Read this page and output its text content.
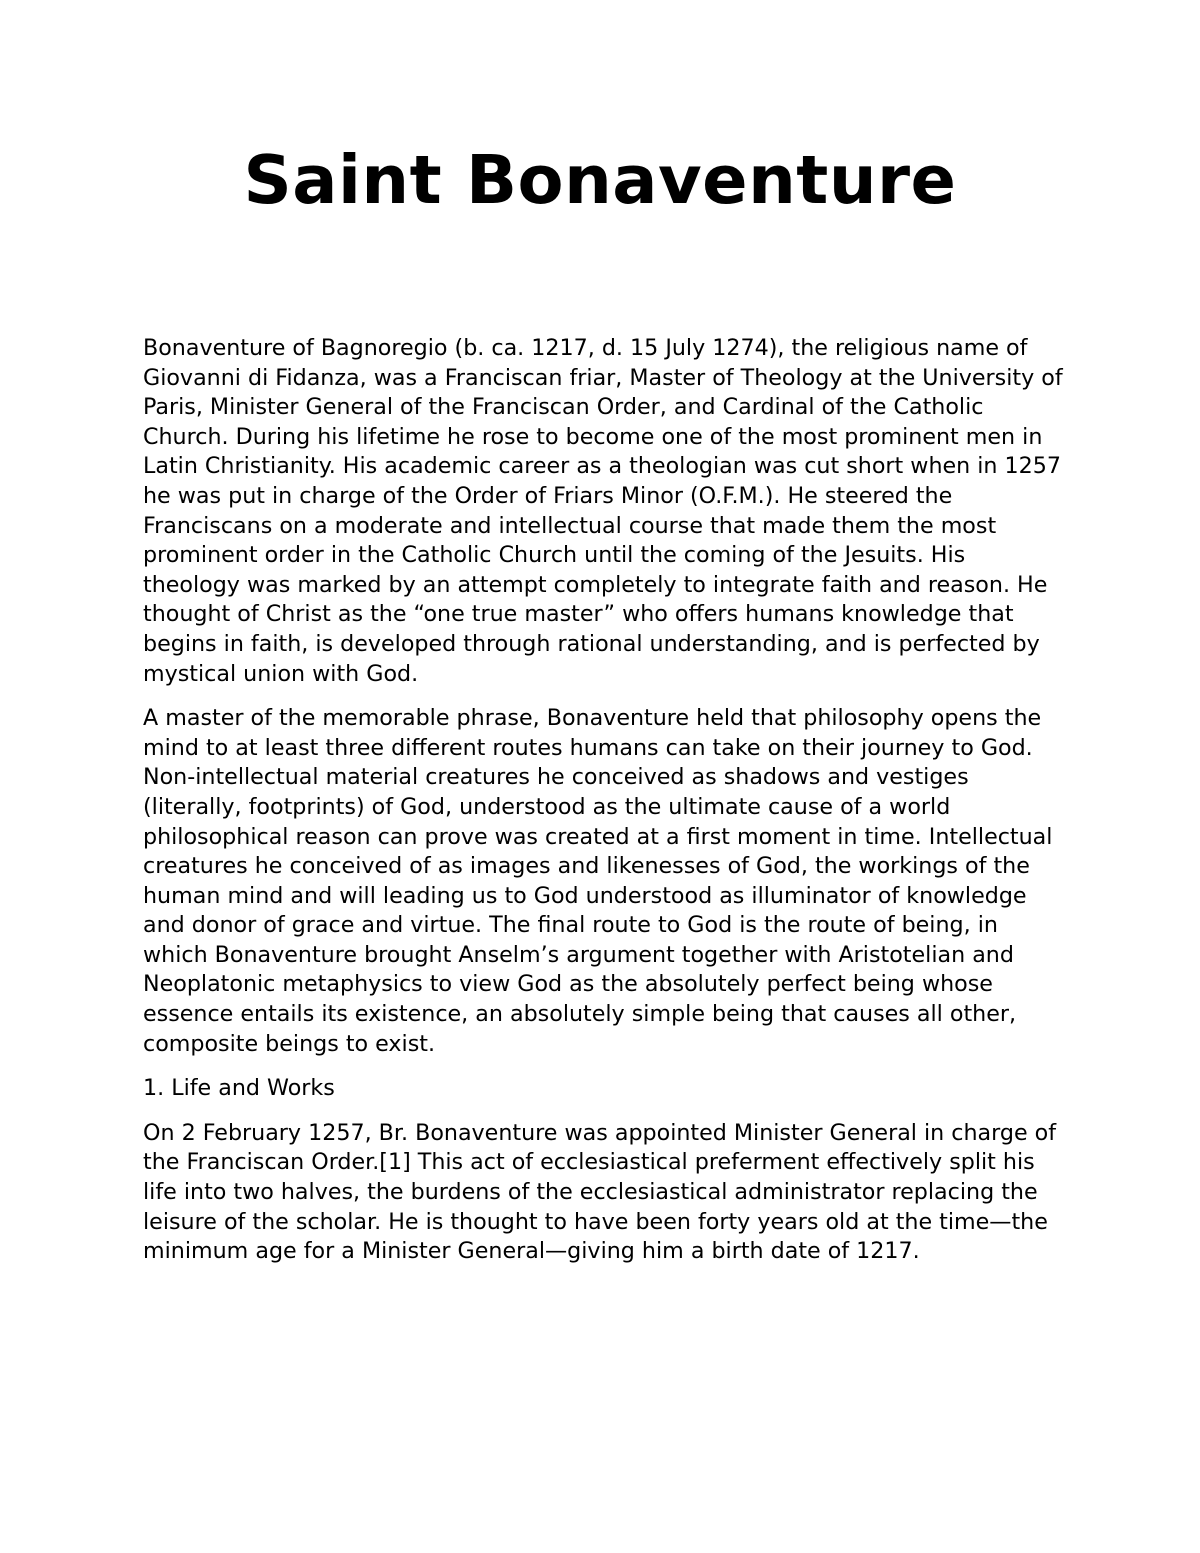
Saint Bonaventure

Bonaventure of Bagnoregio (b. ca. 1217, d. 15 July 1274), the religious name of Giovanni di Fidanza, was a Franciscan friar, Master of Theology at the University of Paris, Minister General of the Franciscan Order, and Cardinal of the Catholic Church. During his lifetime he rose to become one of the most prominent men in Latin Christianity. His academic career as a theologian was cut short when in 1257 he was put in charge of the Order of Friars Minor (O.F.M.). He steered the Franciscans on a moderate and intellectual course that made them the most prominent order in the Catholic Church until the coming of the Jesuits. His theology was marked by an attempt completely to integrate faith and reason. He thought of Christ as the “one true master” who offers humans knowledge that begins in faith, is developed through rational understanding, and is perfected by mystical union with God.

A master of the memorable phrase, Bonaventure held that philosophy opens the mind to at least three different routes humans can take on their journey to God. Non-intellectual material creatures he conceived as shadows and vestiges (literally, footprints) of God, understood as the ultimate cause of a world philosophical reason can prove was created at a first moment in time. Intellectual creatures he conceived of as images and likenesses of God, the workings of the human mind and will leading us to God understood as illuminator of knowledge and donor of grace and virtue. The final route to God is the route of being, in which Bonaventure brought Anselm’s argument together with Aristotelian and Neoplatonic metaphysics to view God as the absolutely perfect being whose essence entails its existence, an absolutely simple being that causes all other, composite beings to exist.

1. Life and Works

On 2 February 1257, Br. Bonaventure was appointed Minister General in charge of the Franciscan Order.[1] This act of ecclesiastical preferment effectively split his life into two halves, the burdens of the ecclesiastical administrator replacing the leisure of the scholar. He is thought to have been forty years old at the time—the minimum age for a Minister General—giving him a birth date of 1217.
